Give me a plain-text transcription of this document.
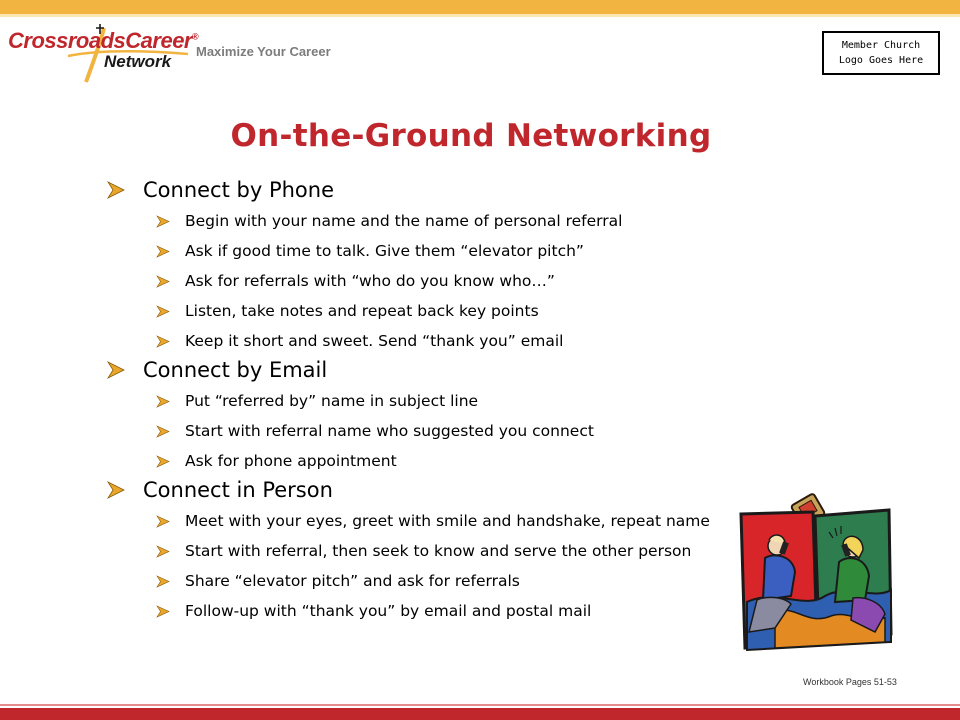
CrossroadsCareer®
Network
Maximize Your Career	Member Church
Logo Goes Here
On-the-Ground Networking
Connect by Phone
Begin with your name and the name of personal referral
Ask if good time to talk. Give them “elevator pitch”
Ask for referrals with “who do you know who…”
Listen, take notes and repeat back key points
Keep it short and sweet. Send “thank you” email
Connect by Email
Put “referred by” name in subject line
Start with referral name who suggested you connect
Ask for phone appointment
Connect in Person
Meet with your eyes, greet with smile and handshake, repeat name
Start with referral, then seek to know and serve the other person
Share “elevator pitch” and ask for referrals
Follow-up with “thank you” by email and postal mail
Workbook Pages 51-53
